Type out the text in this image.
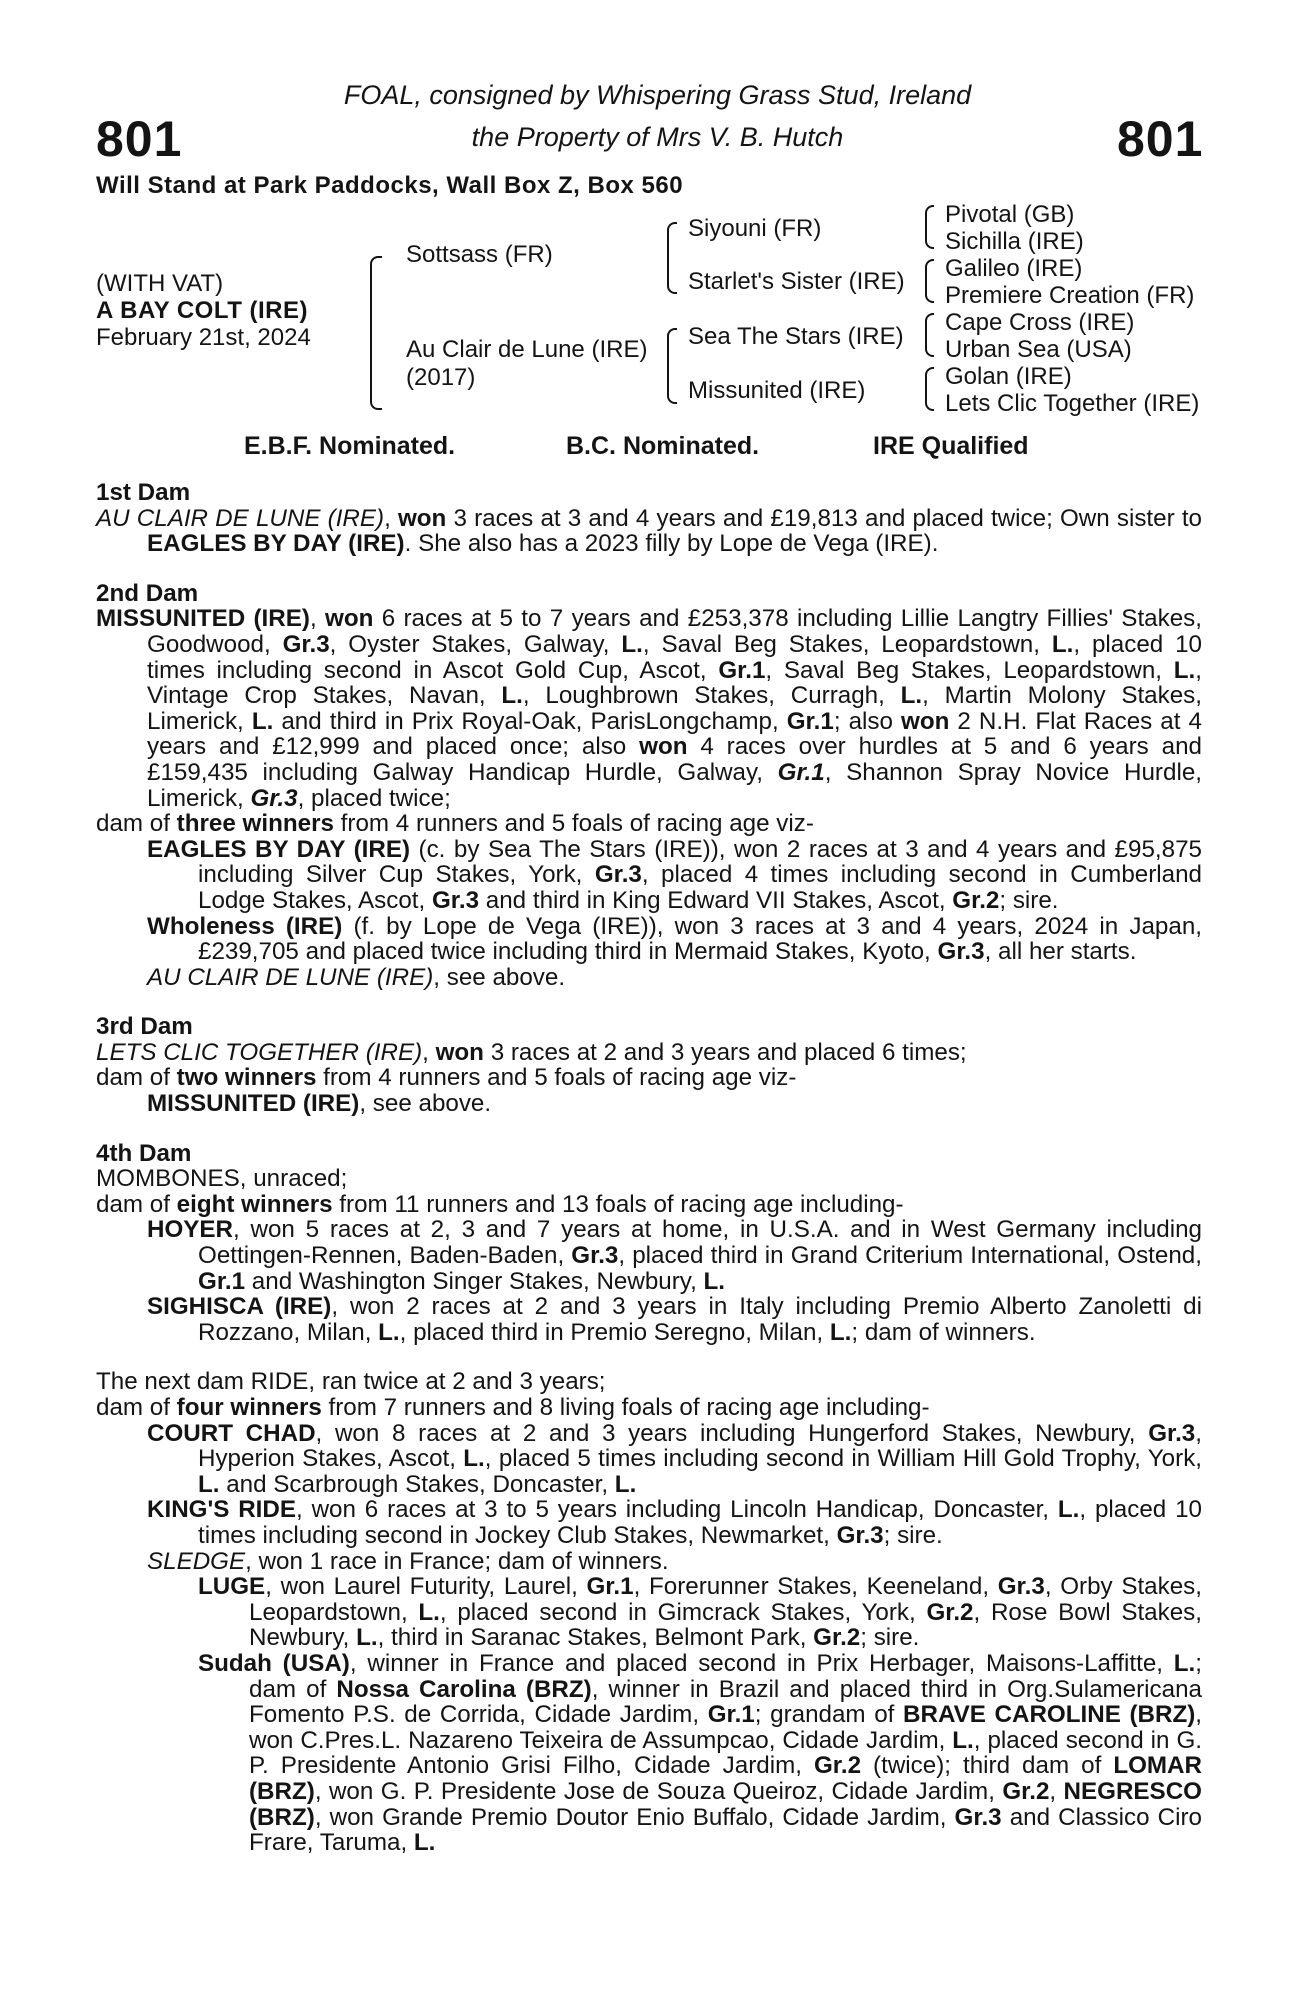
801	801
FOAL, consigned by Whispering Grass Stud, Ireland
the Property of Mrs V. B. Hutch
Will Stand at Park Paddocks, Wall Box Z, Box 560
(WITH VAT)
A BAY COLT (IRE)
February 21st, 2024
Sottsass (FR)
Au Clair de Lune (IRE)
(2017)
Siyouni (FR)
Starlet's Sister (IRE)
Sea The Stars (IRE)
Missunited (IRE)
Pivotal (GB)
Sichilla (IRE)
Galileo (IRE)
Premiere Creation (FR)
Cape Cross (IRE)
Urban Sea (USA)
Golan (IRE)
Lets Clic Together (IRE)
E.B.F. Nominated.	B.C. Nominated.	IRE Qualified

1st Dam

AU CLAIR DE LUNE (IRE), won 3 races at 3 and 4 years and £19,813 and placed twice; Own sister to EAGLES BY DAY (IRE). She also has a 2023 filly by Lope de Vega (IRE).

2nd Dam

MISSUNITED (IRE), won 6 races at 5 to 7 years and £253,378 including Lillie Langtry Fillies' Stakes, Goodwood, Gr.3, Oyster Stakes, Galway, L., Saval Beg Stakes, Leopardstown, L., placed 10 times including second in Ascot Gold Cup, Ascot, Gr.1, Saval Beg Stakes, Leopardstown, L., Vintage Crop Stakes, Navan, L., Loughbrown Stakes, Curragh, L., Martin Molony Stakes, Limerick, L. and third in Prix Royal-Oak, ParisLongchamp, Gr.1; also won 2 N.H. Flat Races at 4 years and £12,999 and placed once; also won 4 races over hurdles at 5 and 6 years and £159,435 including Galway Handicap Hurdle, Galway, Gr.1, Shannon Spray Novice Hurdle, Limerick, Gr.3, placed twice;

dam of three winners from 4 runners and 5 foals of racing age viz-

EAGLES BY DAY (IRE) (c. by Sea The Stars (IRE)), won 2 races at 3 and 4 years and £95,875 including Silver Cup Stakes, York, Gr.3, placed 4 times including second in Cumberland Lodge Stakes, Ascot, Gr.3 and third in King Edward VII Stakes, Ascot, Gr.2; sire.

Wholeness (IRE) (f. by Lope de Vega (IRE)), won 3 races at 3 and 4 years, 2024 in Japan, £239,705 and placed twice including third in Mermaid Stakes, Kyoto, Gr.3, all her starts.

AU CLAIR DE LUNE (IRE), see above.

3rd Dam

LETS CLIC TOGETHER (IRE), won 3 races at 2 and 3 years and placed 6 times;

dam of two winners from 4 runners and 5 foals of racing age viz-

MISSUNITED (IRE), see above.

4th Dam

MOMBONES, unraced;

dam of eight winners from 11 runners and 13 foals of racing age including-

HOYER, won 5 races at 2, 3 and 7 years at home, in U.S.A. and in West Germany including Oettingen-Rennen, Baden-Baden, Gr.3, placed third in Grand Criterium International, Ostend, Gr.1 and Washington Singer Stakes, Newbury, L.

SIGHISCA (IRE), won 2 races at 2 and 3 years in Italy including Premio Alberto Zanoletti di Rozzano, Milan, L., placed third in Premio Seregno, Milan, L.; dam of winners.

The next dam RIDE, ran twice at 2 and 3 years;

dam of four winners from 7 runners and 8 living foals of racing age including-

COURT CHAD, won 8 races at 2 and 3 years including Hungerford Stakes, Newbury, Gr.3, Hyperion Stakes, Ascot, L., placed 5 times including second in William Hill Gold Trophy, York, L. and Scarbrough Stakes, Doncaster, L.

KING'S RIDE, won 6 races at 3 to 5 years including Lincoln Handicap, Doncaster, L., placed 10 times including second in Jockey Club Stakes, Newmarket, Gr.3; sire.

SLEDGE, won 1 race in France; dam of winners.

LUGE, won Laurel Futurity, Laurel, Gr.1, Forerunner Stakes, Keeneland, Gr.3, Orby Stakes, Leopardstown, L., placed second in Gimcrack Stakes, York, Gr.2, Rose Bowl Stakes, Newbury, L., third in Saranac Stakes, Belmont Park, Gr.2; sire.

Sudah (USA), winner in France and placed second in Prix Herbager, Maisons-Laffitte, L.; dam of Nossa Carolina (BRZ), winner in Brazil and placed third in Org.Sulamericana Fomento P.S. de Corrida, Cidade Jardim, Gr.1; grandam of BRAVE CAROLINE (BRZ), won C.Pres.L. Nazareno Teixeira de Assumpcao, Cidade Jardim, L., placed second in G. P. Presidente Antonio Grisi Filho, Cidade Jardim, Gr.2 (twice); third dam of LOMAR (BRZ), won G. P. Presidente Jose de Souza Queiroz, Cidade Jardim, Gr.2, NEGRESCO (BRZ), won Grande Premio Doutor Enio Buffalo, Cidade Jardim, Gr.3 and Classico Ciro Frare, Taruma, L.
